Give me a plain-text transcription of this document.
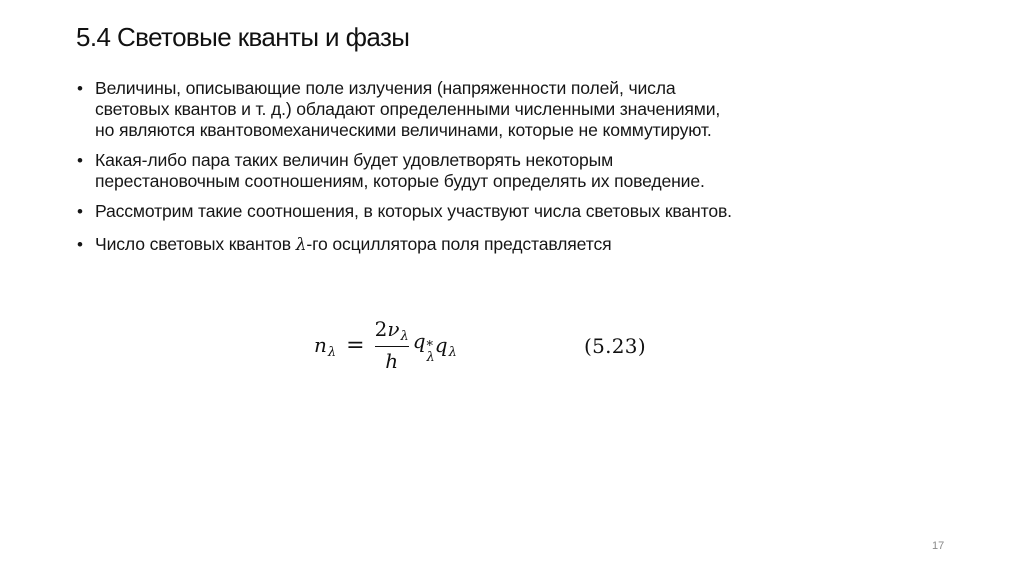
5.4 Световые кванты и фазы
• Величины, описывающие поле излучения (напряженности полей, числа
световых квантов и т. д.) обладают определенными численными значениями,
но являются квантовомеханическими величинами, которые не коммутируют.
• Какая-либо пара таких величин будет удовлетворять некоторым
перестановочным соотношениям, которые будут определять их поведение.
• Рассмотрим такие соотношения, в которых участвуют числа световых квантов.
• Число световых квантов λ-го осциллятора поля представляется
n $\lambda = \frac{\text{2 ν λ}}{h}$ q *
λ
q λ	(5.23)
17
